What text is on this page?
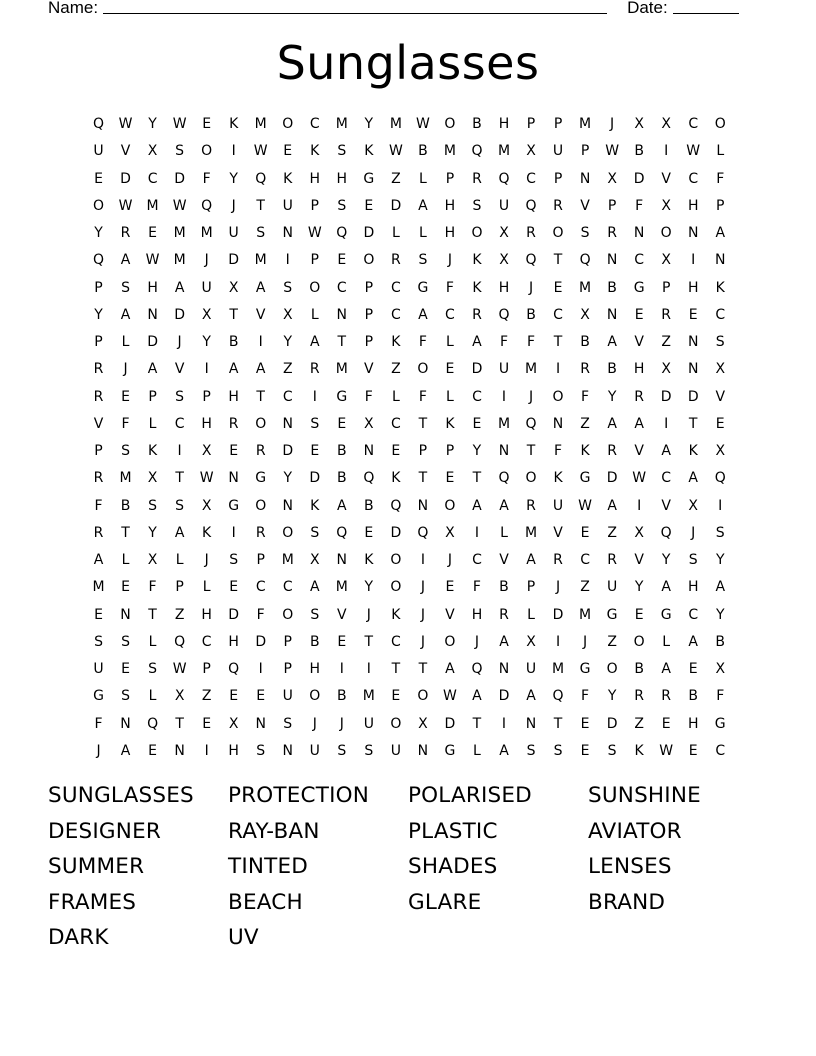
Name:	Date:
Sunglasses
Q	W	Y	W	E	K	M	O	C	M	Y	M	W	O	B	H	P	P	M	J	X	X	C	O
U	V	X	S	O	I	W	E	K	S	K	W	B	M	Q	M	X	U	P	W	B	I	W	L
E	D	C	D	F	Y	Q	K	H	H	G	Z	L	P	R	Q	C	P	N	X	D	V	C	F
O	W	M	W	Q	J	T	U	P	S	E	D	A	H	S	U	Q	R	V	P	F	X	H	P
Y	R	E	M	M	U	S	N	W	Q	D	L	L	H	O	X	R	O	S	R	N	O	N	A
Q	A	W	M	J	D	M	I	P	E	O	R	S	J	K	X	Q	T	Q	N	C	X	I	N
P	S	H	A	U	X	A	S	O	C	P	C	G	F	K	H	J	E	M	B	G	P	H	K
Y	A	N	D	X	T	V	X	L	N	P	C	A	C	R	Q	B	C	X	N	E	R	E	C
P	L	D	J	Y	B	I	Y	A	T	P	K	F	L	A	F	F	T	B	A	V	Z	N	S
R	J	A	V	I	A	A	Z	R	M	V	Z	O	E	D	U	M	I	R	B	H	X	N	X
R	E	P	S	P	H	T	C	I	G	F	L	F	L	C	I	J	O	F	Y	R	D	D	V
V	F	L	C	H	R	O	N	S	E	X	C	T	K	E	M	Q	N	Z	A	A	I	T	E
P	S	K	I	X	E	R	D	E	B	N	E	P	P	Y	N	T	F	K	R	V	A	K	X
R	M	X	T	W	N	G	Y	D	B	Q	K	T	E	T	Q	O	K	G	D	W	C	A	Q
F	B	S	S	X	G	O	N	K	A	B	Q	N	O	A	A	R	U	W	A	I	V	X	I
R	T	Y	A	K	I	R	O	S	Q	E	D	Q	X	I	L	M	V	E	Z	X	Q	J	S
A	L	X	L	J	S	P	M	X	N	K	O	I	J	C	V	A	R	C	R	V	Y	S	Y
M	E	F	P	L	E	C	C	A	M	Y	O	J	E	F	B	P	J	Z	U	Y	A	H	A
E	N	T	Z	H	D	F	O	S	V	J	K	J	V	H	R	L	D	M	G	E	G	C	Y
S	S	L	Q	C	H	D	P	B	E	T	C	J	O	J	A	X	I	J	Z	O	L	A	B
U	E	S	W	P	Q	I	P	H	I	I	T	T	A	Q	N	U	M	G	O	B	A	E	X
G	S	L	X	Z	E	E	U	O	B	M	E	O	W	A	D	A	Q	F	Y	R	R	B	F
F	N	Q	T	E	X	N	S	J	J	U	O	X	D	T	I	N	T	E	D	Z	E	H	G
J	A	E	N	I	H	S	N	U	S	S	U	N	G	L	A	S	S	E	S	K	W	E	C
SUNGLASSES	PROTECTION	POLARISED	SUNSHINE
DESIGNER	RAY-BAN	PLASTIC	AVIATOR
SUMMER	TINTED	SHADES	LENSES
FRAMES	BEACH	GLARE	BRAND
DARK	UV
